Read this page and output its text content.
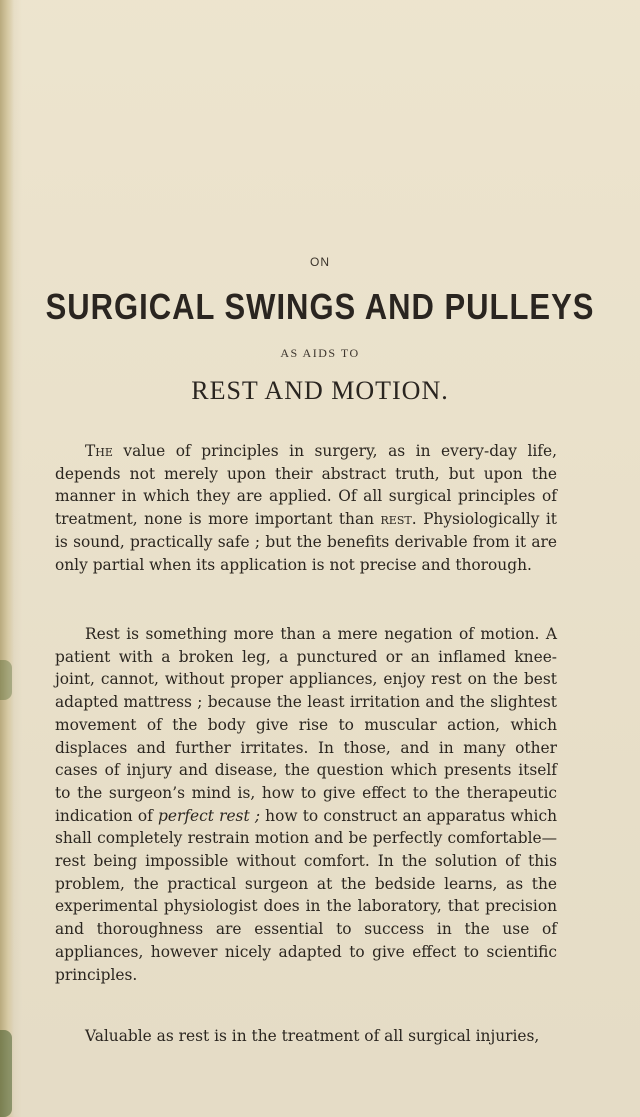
ON
SURGICAL SWINGS AND PULLEYS
AS AIDS TO
REST AND MOTION.
The value of principles in surgery, as in every-day life, depends not merely upon their abstract truth, but upon the manner in which they are applied. Of all surgical principles of treatment, none is more important than rest. Physiologically it is sound, practically safe ; but the benefits derivable from it are only partial when its application is not precise and thorough.
Rest is something more than a mere negation of motion. A patient with a broken leg, a punctured or an inflamed knee-joint, cannot, without proper appliances, enjoy rest on the best adapted mattress ; because the least irritation and the slightest movement of the body give rise to muscular action, which displaces and further irritates. In those, and in many other cases of injury and disease, the question which presents itself to the surgeon’s mind is, how to give effect to the therapeutic indication of perfect rest ; how to construct an apparatus which shall completely restrain motion and be perfectly comfortable—rest being impossible without comfort. In the solution of this problem, the practical surgeon at the bedside learns, as the experimental physiologist does in the laboratory, that precision and thoroughness are essential to success in the use of appliances, however nicely adapted to give effect to scientific principles.
Valuable as rest is in the treatment of all surgical injuries,
